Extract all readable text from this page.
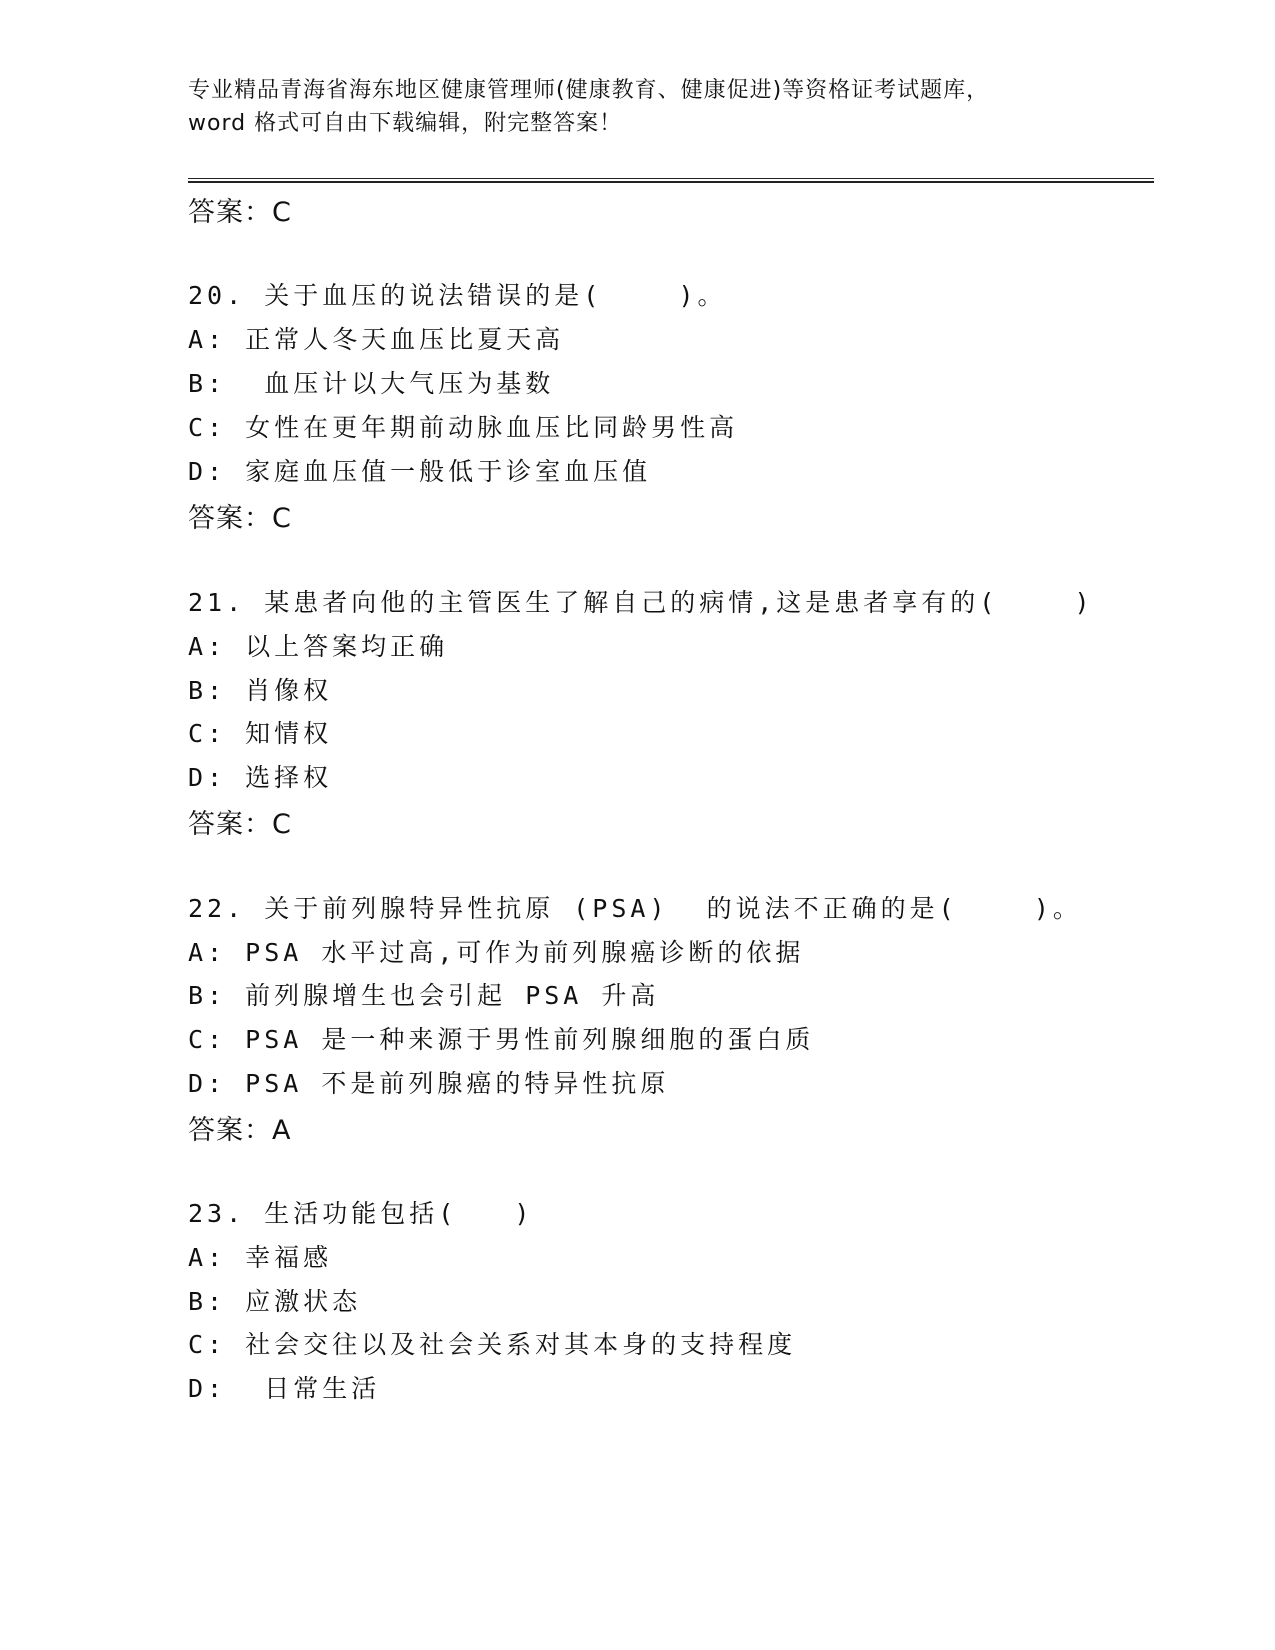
专业精品青海省海东地区健康管理师(健康教育、健康促进)等资格证考试题库，
word 格式可自由下载编辑，附完整答案！
答案：C
20. 关于血压的说法错误的是(    )。
A: 正常人冬天血压比夏天高
B:  血压计以大气压为基数
C: 女性在更年期前动脉血压比同龄男性高
D: 家庭血压值一般低于诊室血压值
答案：C
21. 某患者向他的主管医生了解自己的病情,这是患者享有的(    )
A: 以上答案均正确
B: 肖像权
C: 知情权
D: 选择权
答案：C
22. 关于前列腺特异性抗原 (PSA)  的说法不正确的是(    )。
A: PSA 水平过高,可作为前列腺癌诊断的依据
B: 前列腺增生也会引起 PSA 升高
C: PSA 是一种来源于男性前列腺细胞的蛋白质
D: PSA 不是前列腺癌的特异性抗原
答案：A
23. 生活功能包括(   )
A: 幸福感
B: 应激状态
C: 社会交往以及社会关系对其本身的支持程度
D:  日常生活
